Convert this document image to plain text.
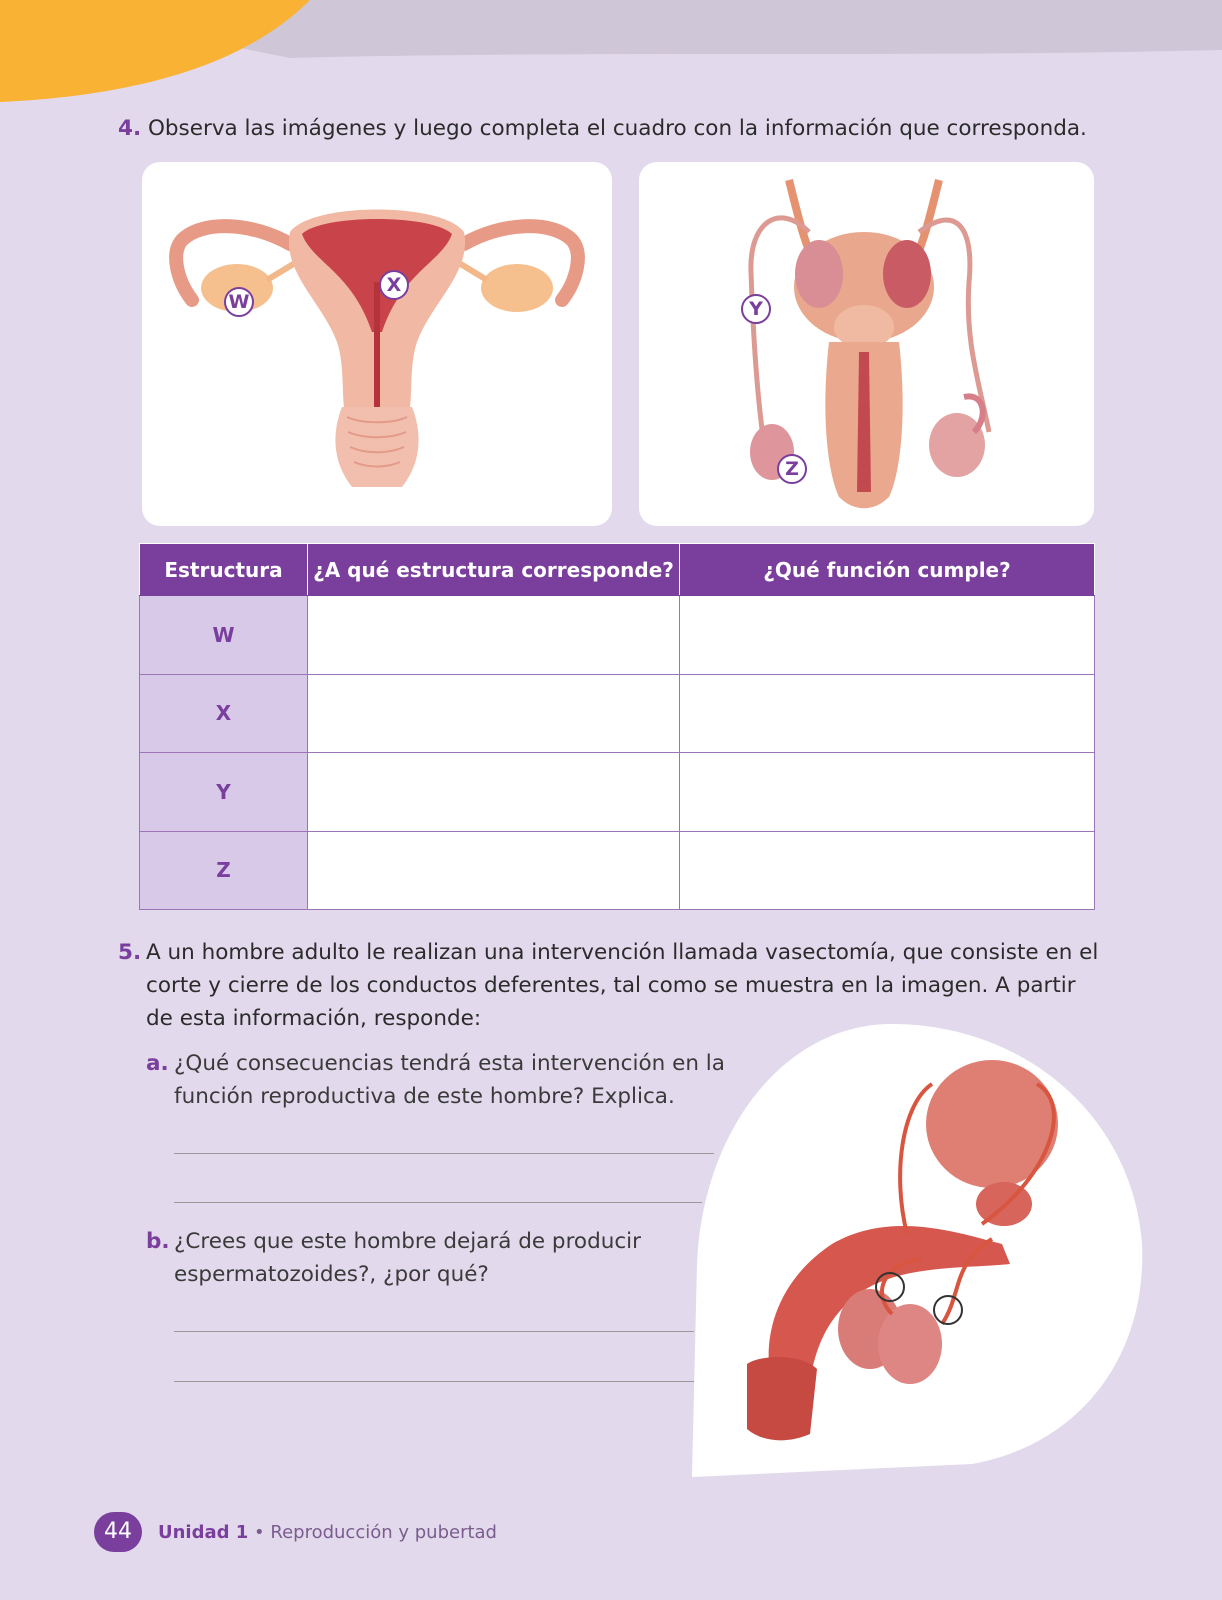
4. Observa las imágenes y luego completa el cuadro con la información que corresponda.
W
X
Y
Z
Estructura	¿A qué estructura corresponde?	¿Qué función cumple?
W		
X		
Y		
Z		
5. A un hombre adulto le realizan una intervención llamada vasectomía, que consiste en el corte y cierre de los conductos deferentes, tal como se muestra en la imagen. A partir de esta información, responde:
a. ¿Qué consecuencias tendrá esta intervención en la función reproductiva de este hombre? Explica.
b. ¿Crees que este hombre dejará de producir espermatozoides?, ¿por qué?
44	Unidad 1 • Reproducción y pubertad
